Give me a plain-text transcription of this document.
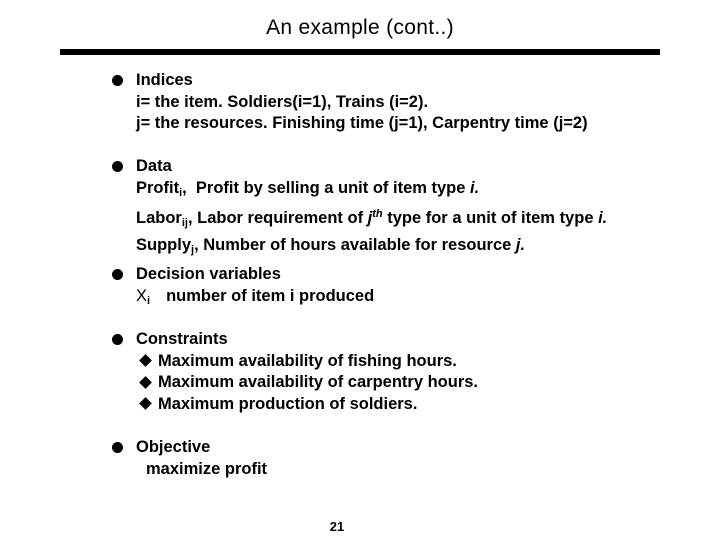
An example (cont..)
Indices
i= the item. Soldiers(i=1), Trains (i=2).
j= the resources. Finishing time (j=1), Carpentry time (j=2)
Data
Profit$_i$,  Profit by selling a unit of item type i.
Labor$_{ij}$, Labor requirement of $j^{th}$ type for a unit of item type i.
Supply$_j$, Number of hours available for resource j.
Decision variables
$X_i$ number of item i produced
Constraints
Maximum availability of fishing hours.
Maximum availability of carpentry hours.
Maximum production of soldiers.
Objective
maximize profit
21
